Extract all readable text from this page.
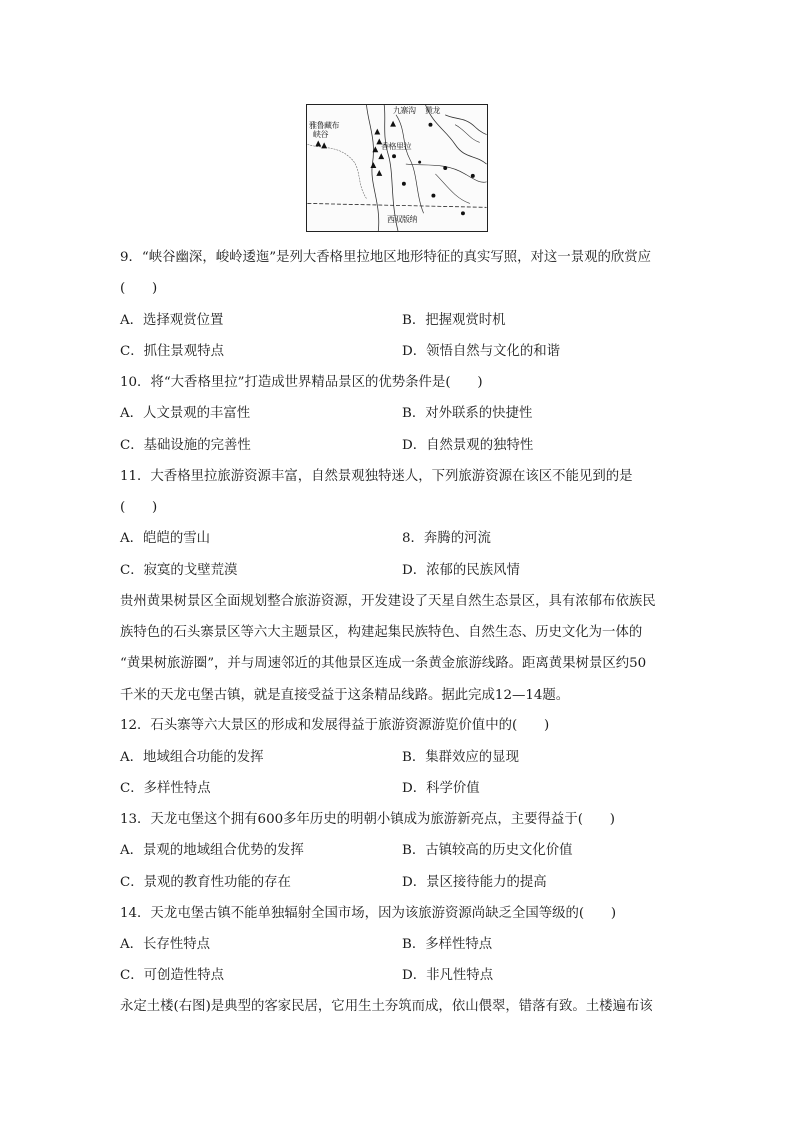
九寨沟 黄龙
雅鲁藏布
峡谷
香格里拉
西双版纳
9．“峡谷幽深，峻岭逶迤”是列大香格里拉地区地形特征的真实写照，对这一景观的欣赏应
(　　)
A．选择观赏位置	B．把握观赏时机
C．抓住景观特点	D．领悟自然与文化的和谐
10．将“大香格里拉”打造成世界精品景区的优势条件是(　　)
A．人文景观的丰富性	B．对外联系的快捷性
C．基础设施的完善性	D．自然景观的独特性
11．大香格里拉旅游资源丰富，自然景观独特迷人，下列旅游资源在该区不能见到的是
(　　)
A．皑皑的雪山	8．奔腾的河流
C．寂寞的戈壁荒漠	D．浓郁的民族风情
贵州黄果树景区全面规划整合旅游资源，开发建设了天星自然生态景区，具有浓郁布依族民
族特色的石头寨景区等六大主题景区，构建起集民族特色、自然生态、历史文化为一体的
“黄果树旅游圈”，并与周速邻近的其他景区连成一条黄金旅游线路。距离黄果树景区约50
千米的天龙屯堡古镇，就是直接受益于这条精品线路。据此完成12—14题。
12．石头寨等六大景区的形成和发展得益于旅游资源游览价值中的(　　)
A．地域组合功能的发挥	B．集群效应的显现
C．多样性特点	D．科学价值
13．天龙屯堡这个拥有600多年历史的明朝小镇成为旅游新亮点，主要得益于(　　)
A．景观的地域组合优势的发挥	B．古镇较高的历史文化价值
C．景观的教育性功能的存在	D．景区接待能力的提高
14．天龙屯堡古镇不能单独辐射全国市场，因为该旅游资源尚缺乏全国等级的(　　)
A．长存性特点	B．多样性特点
C．可创造性特点	D．非凡性特点
永定土楼(右图)是典型的客家民居，它用生土夯筑而成，依山偎翠，错落有致。土楼遍布该
